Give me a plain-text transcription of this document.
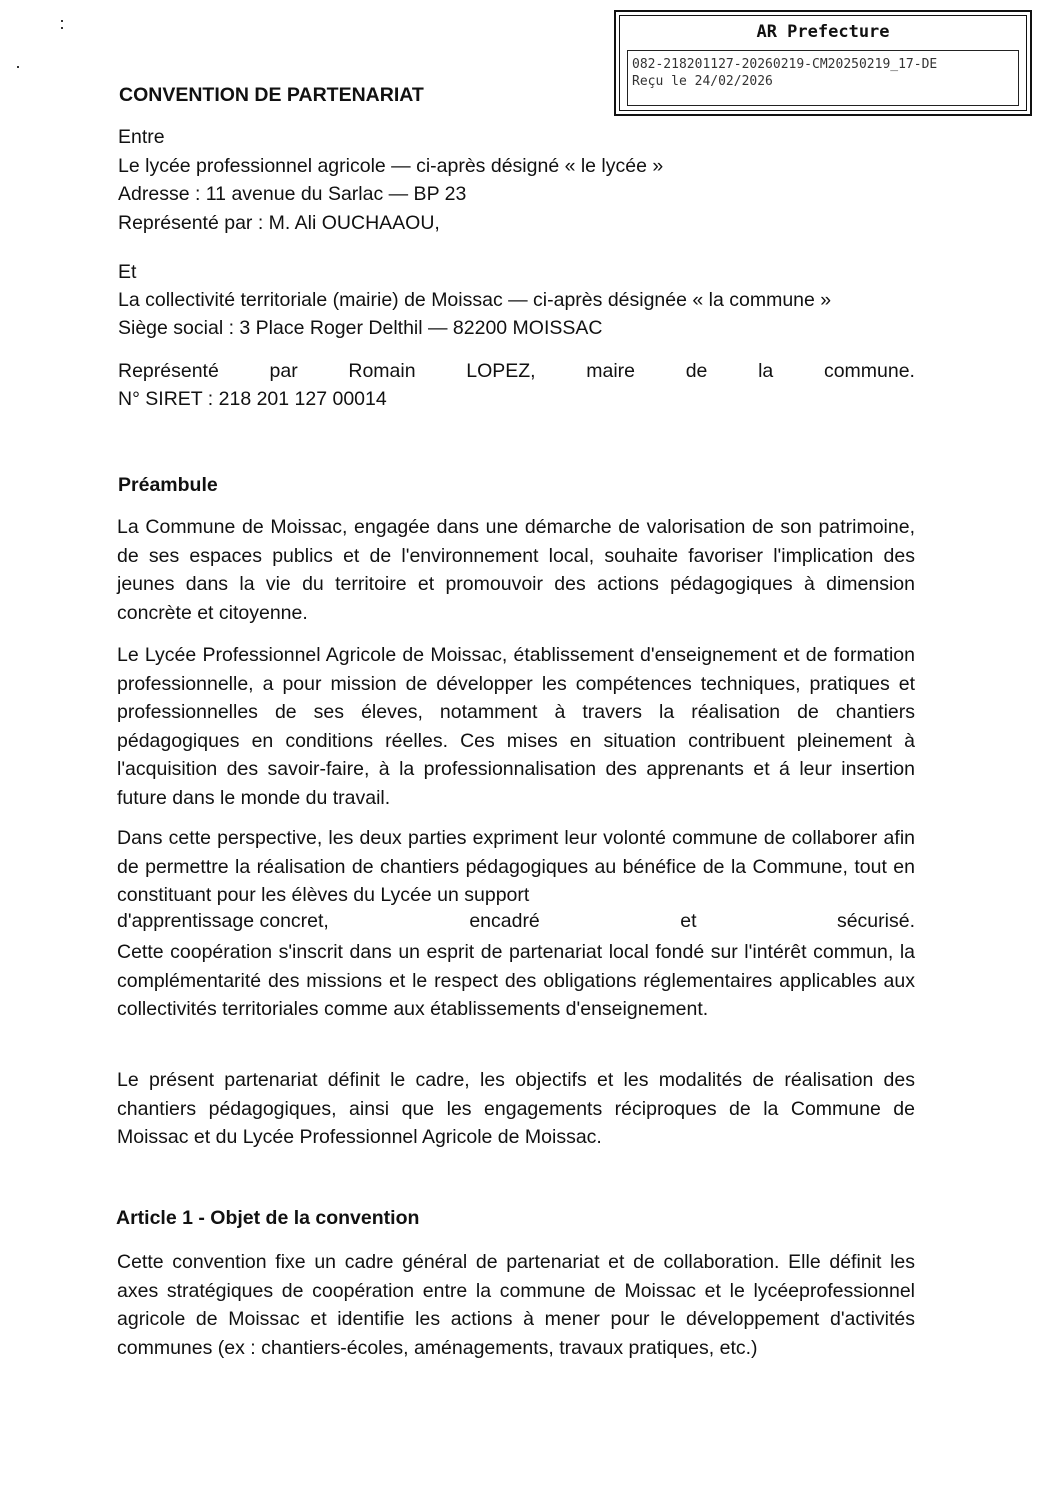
AR Prefecture
082-218201127-20260219-CM20250219_17-DE
Reçu le 24/02/2026
CONVENTION DE PARTENARIAT
Entre
Le lycée professionnel agricole — ci-après désigné « le lycée »
Adresse : 11 avenue du Sarlac — BP 23
Représenté par : M. Ali OUCHAAOU,
Et
La collectivité territoriale (mairie) de Moissac — ci-après désignée « la commune »
Siège social : 3 Place Roger Delthil — 82200 MOISSAC
Représenté	par	Romain	LOPEZ,	maire	de	la	commune.
N° SIRET : 218 201 127 00014
Préambule
La Commune de Moissac, engagée dans une démarche de valorisation de son patrimoine, de ses espaces publics et de l'environnement local, souhaite favoriser l'implication des jeunes dans la vie du territoire et promouvoir des actions pédagogiques à dimension concrète et citoyenne.
Le Lycée Professionnel Agricole de Moissac, établissement d'enseignement et de formation professionnelle, a pour mission de développer les compétences techniques, pratiques et professionnelles de ses éleves, notamment à travers la réalisation de chantiers pédagogiques en conditions réelles. Ces mises en situation contribuent pleinement à l'acquisition des savoir-faire, à la professionnalisation des apprenants et á leur insertion future dans le monde du travail.
Dans cette perspective, les deux parties expriment leur volonté commune de collaborer afin de permettre la réalisation de chantiers pédagogiques au bénéfice de la Commune, tout en constituant pour les élèves du Lycée un support
d'apprentissage concret,	encadré	et	sécurisé.
Cette coopération s'inscrit dans un esprit de partenariat local fondé sur l'intérêt commun, la complémentarité des missions et le respect des obligations réglementaires applicables aux collectivités territoriales comme aux établissements d'enseignement.
Le présent partenariat définit le cadre, les objectifs et les modalités de réalisation des chantiers pédagogiques, ainsi que les engagements réciproques de la Commune de Moissac et du Lycée Professionnel Agricole de Moissac.
Article 1 - Objet de la convention
Cette convention fixe un cadre général de partenariat et de collaboration. Elle définit les axes stratégiques de coopération entre la commune de Moissac et le lycéeprofessionnel agricole de Moissac et identifie les actions à mener pour le développement d'activités communes (ex : chantiers-écoles, aménagements, travaux pratiques, etc.)
